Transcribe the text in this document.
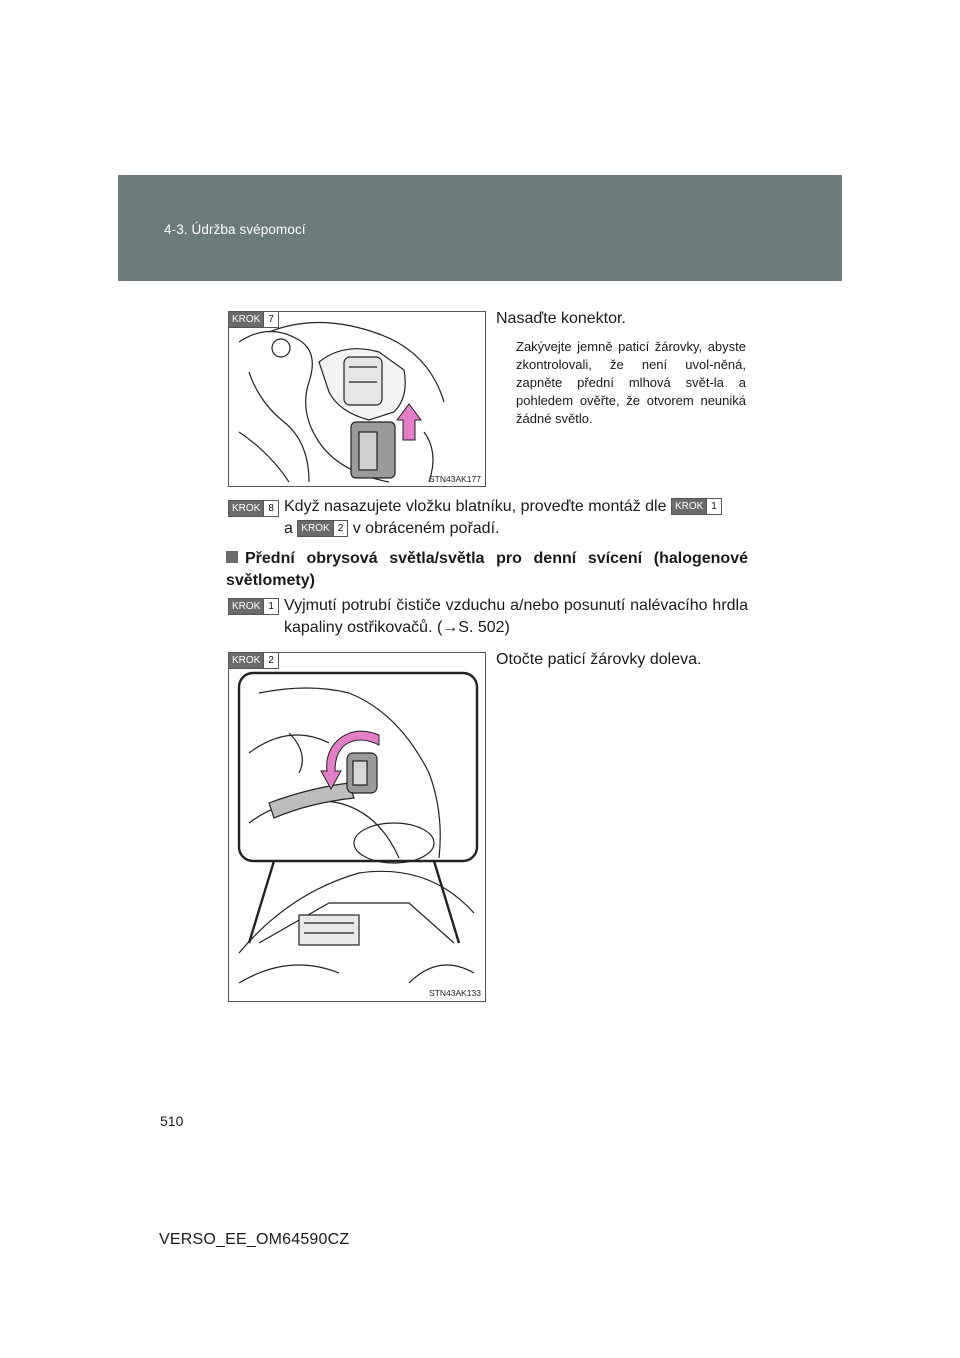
4-3. Údržba svépomocí
KROK 7
STN43AK177
Nasaďte konektor.
Zakývejte jemně paticí žárovky, abyste zkontrolovali, že není uvol-něná, zapněte přední mlhová svět-la a pohledem ověřte, že otvorem neuniká žádné světlo.
KROK 8 Když nasazujete vložku blatníku, proveďte montáž dle KROK 1

a KROK 2 v obráceném pořadí.
Přední obrysová světla/světla pro denní svícení (halogenové světlomety)
KROK 1 Vyjmutí potrubí čističe vzduchu a/nebo posunutí nalévacího hrdla kapaliny ostřikovačů. (→S. 502)
KROK 2
STN43AK133
Otočte paticí žárovky doleva.
510
VERSO_EE_OM64590CZ
